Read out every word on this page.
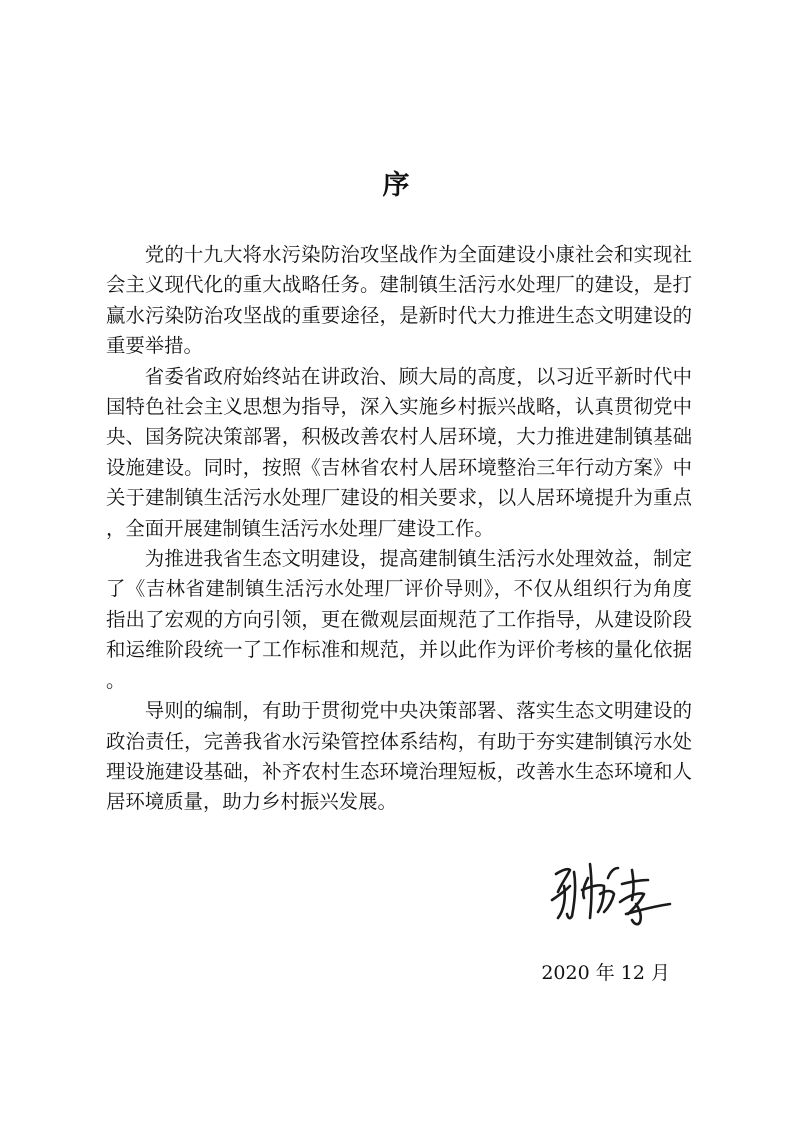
序

党的十九大将水污染防治攻坚战作为全面建设小康社会和实现社会主义现代化的重大战略任务。建制镇生活污水处理厂的建设，是打赢水污染防治攻坚战的重要途径，是新时代大力推进生态文明建设的重要举措。

省委省政府始终站在讲政治、顾大局的高度，以习近平新时代中国特色社会主义思想为指导，深入实施乡村振兴战略，认真贯彻党中央、国务院决策部署，积极改善农村人居环境，大力推进建制镇基础设施建设。同时，按照《吉林省农村人居环境整治三年行动方案》中关于建制镇生活污水处理厂建设的相关要求，以人居环境提升为重点，全面开展建制镇生活污水处理厂建设工作。

为推进我省生态文明建设，提高建制镇生活污水处理效益，制定了《吉林省建制镇生活污水处理厂评价导则》，不仅从组织行为角度指出了宏观的方向引领，更在微观层面规范了工作指导，从建设阶段和运维阶段统一了工作标准和规范，并以此作为评价考核的量化依据。

导则的编制，有助于贯彻党中央决策部署、落实生态文明建设的政治责任，完善我省水污染管控体系结构，有助于夯实建制镇污水处理设施建设基础，补齐农村生态环境治理短板，改善水生态环境和人居环境质量，助力乡村振兴发展。

2020 年 12 月
